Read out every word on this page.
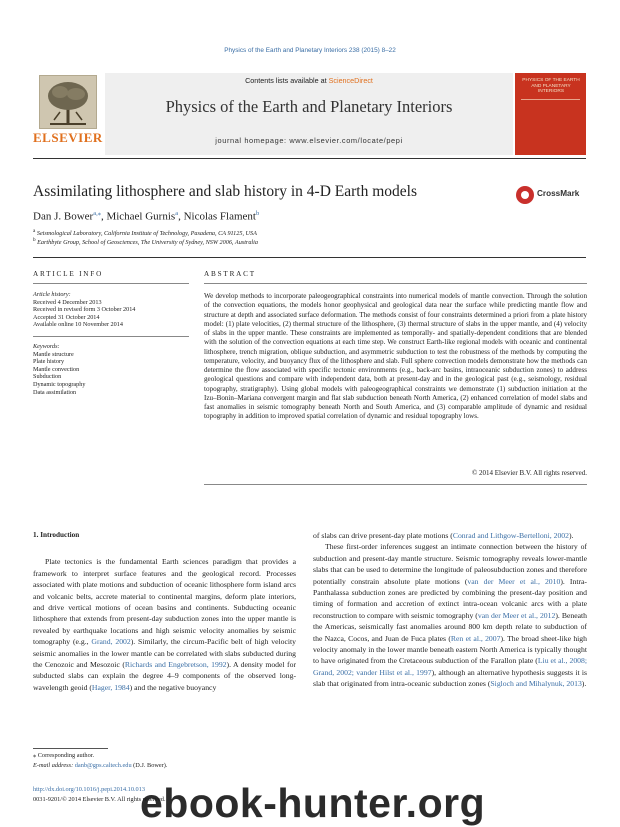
Physics of the Earth and Planetary Interiors 238 (2015) 8–22
ELSEVIER
Contents lists available at ScienceDirect
Physics of the Earth and Planetary Interiors
journal homepage: www.elsevier.com/locate/pepi
PHYSICS OF THE EARTH AND PLANETARY INTERIORS
Assimilating lithosphere and slab history in 4-D Earth models	CrossMark
Dan J. Bower$^{a,⁎}$, Michael Gurnis$^a$, Nicolas Flament$^b$
$^a$ Seismological Laboratory, California Institute of Technology, Pasadena, CA 91125, USA
$^b$ Earthbyte Group, School of Geosciences, The University of Sydney, NSW 2006, Australia
ARTICLE INFO	ABSTRACT
Article history:
Received 4 December 2013
Received in revised form 3 October 2014
Accepted 31 October 2014
Available online 10 November 2014
Keywords:
Mantle structure
Plate history
Mantle convection
Subduction
Dynamic topography
Data assimilation
We develop methods to incorporate paleogeographical constraints into numerical models of mantle convection. Through the solution of the convection equations, the models honor geophysical and geological data near the surface while predicting mantle flow and structure at depth and associated surface deformation. The methods consist of four constraints determined a priori from a plate history model: (1) plate velocities, (2) thermal structure of the lithosphere, (3) thermal structure of slabs in the upper mantle, and (4) velocity of slabs in the upper mantle. These constraints are implemented as temporally- and spatially-dependent conditions that are blended with the solution of the convection equations at each time step. We construct Earth-like regional models with oceanic and continental lithosphere, trench migration, oblique subduction, and asymmetric subduction to test the robustness of the methods by computing the temperature, velocity, and buoyancy flux of the lithosphere and slab. Full sphere convection models demonstrate how the methods can determine the flow associated with specific tectonic environments (e.g., back-arc basins, intraoceanic subduction zones) to address geological questions and compare with independent data, both at present-day and in the geological past (e.g., seismology, residual topography, stratigraphy). Using global models with paleogeographical constraints we demonstrate (1) subduction initiation at the Izu–Bonin–Mariana convergent margin and flat slab subduction beneath North America, (2) enhanced correlation of model slabs and fast anomalies in seismic tomography beneath North and South America, and (3) comparable amplitude of dynamic and residual topography in addition to improved spatial correlation of dynamic and residual topography lows.
© 2014 Elsevier B.V. All rights reserved.
1. Introduction
Plate tectonics is the fundamental Earth sciences paradigm that provides a framework to interpret surface features and the geological record. Processes associated with plate motions and subduction of oceanic lithosphere form island arcs and volcanic belts, accrete material to continental margins, deform plate interiors, and drive vertical motions of ocean basins and continents. Subducting oceanic lithosphere that extends from present-day subduction zones into the upper mantle is revealed by earthquake locations and high seismic velocity anomalies by seismic tomography (e.g., Grand, 2002). Similarly, the circum-Pacific belt of high velocity seismic anomalies in the lower mantle can be correlated with slabs subducted during the Cenozoic and Mesozoic (Richards and Engebretson, 1992). A density model for subducted slabs can explain the degree 4–9 components of the observed long-wavelength geoid (Hager, 1984) and the negative buoyancy
of slabs can drive present-day plate motions (Conrad and Lithgow-Bertelloni, 2002).
These first-order inferences suggest an intimate connection between the history of subduction and present-day mantle structure. Seismic tomography reveals lower-mantle slabs that can be used to determine the longitude of paleosubduction zones and therefore potentially constrain absolute plate motions (van der Meer et al., 2010). Intra-Panthalassa subduction zones are predicted by combining the present-day position and timing of formation and accretion of extinct intra-ocean volcanic arcs with a plate reconstruction to compare with seismic tomography (van der Meer et al., 2012). Beneath the Americas, seismically fast anomalies around 800 km depth relate to subduction of the Nazca, Cocos, and Juan de Fuca plates (Ren et al., 2007). The broad sheet-like high velocity anomaly in the lower mantle beneath eastern North America is typically thought to have originated from the Cretaceous subduction of the Farallon plate (Liu et al., 2008; Grand, 2002; vander Hilst et al., 1997), although an alternative hypothesis suggests it is slab that originated from intra-oceanic subduction zones (Sigloch and Mihalynuk, 2013).
⁎ Corresponding author.
E-mail address: danb@gps.caltech.edu (D.J. Bower).
http://dx.doi.org/10.1016/j.pepi.2014.10.013
0031-9201/© 2014 Elsevier B.V. All rights reserved.
ebook-hunter.org
